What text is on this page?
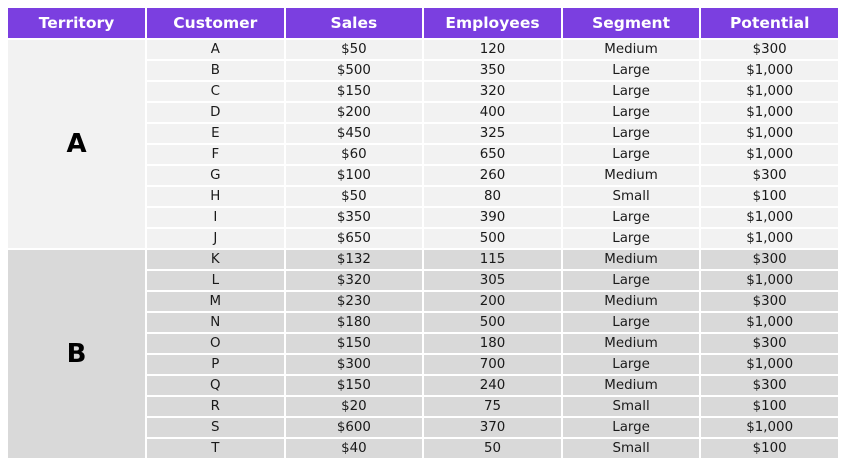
Territory	Customer	Sales	Employees	Segment	Potential
A	A	$50	120	Medium	$300
	B	$500	350	Large	$1,000
	C	$150	320	Large	$1,000
	D	$200	400	Large	$1,000
	E	$450	325	Large	$1,000
	F	$60	650	Large	$1,000
	G	$100	260	Medium	$300
	H	$50	80	Small	$100
	I	$350	390	Large	$1,000
	J	$650	500	Large	$1,000
B	K	$132	115	Medium	$300
	L	$320	305	Large	$1,000
	M	$230	200	Medium	$300
	N	$180	500	Large	$1,000
	O	$150	180	Medium	$300
	P	$300	700	Large	$1,000
	Q	$150	240	Medium	$300
	R	$20	75	Small	$100
	S	$600	370	Large	$1,000
	T	$40	50	Small	$100
